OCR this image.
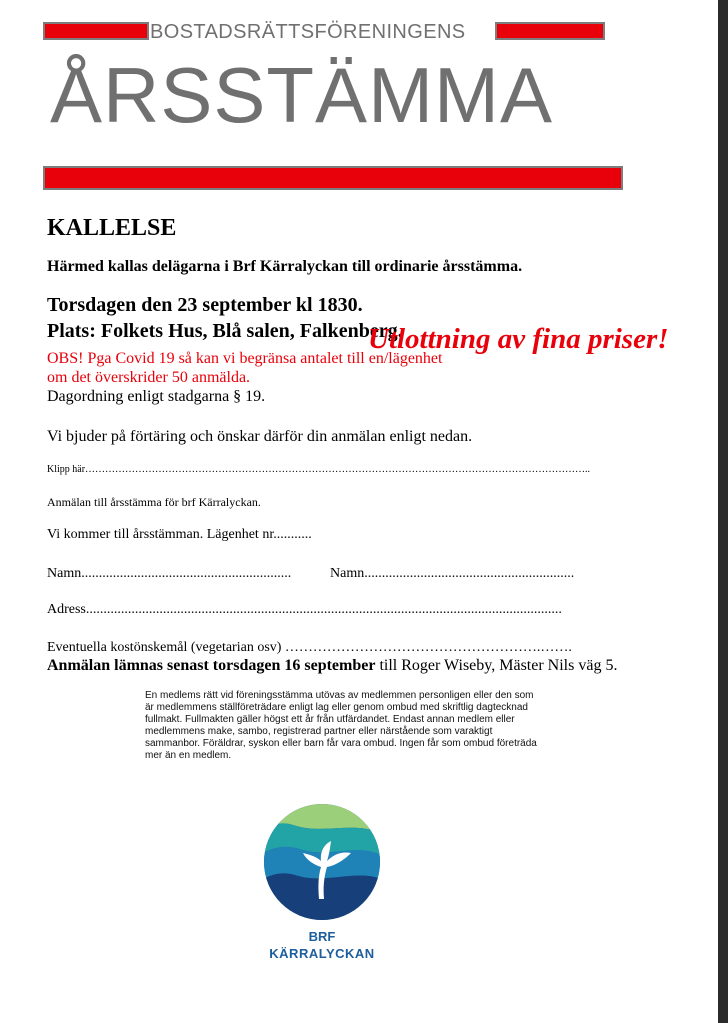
BOSTADSRÄTTSFÖRENINGENS
ÅRSSTÄMMA
KALLELSE
Härmed kallas delägarna i Brf Kärralyckan till ordinarie årsstämma.
Torsdagen den 23 september kl 1830.
Plats: Folkets Hus, Blå salen, Falkenberg.
Utlottning av fina priser!
OBS! Pga Covid 19 så kan vi begränsa antalet till en/lägenhet
om det överskrider 50 anmälda.
Dagordning enligt stadgarna § 19.
Vi bjuder på förtäring och önskar därför din anmälan enligt nedan.
Klipp här……………………………………………………………………………………………………………………………………..
Anmälan till årsstämma för brf Kärralyckan.
Vi kommer till årsstämman. Lägenhet nr...........
Namn............................................................	Namn............................................................
Adress........................................................................................................................................
Eventuella kostönskemål (vegetarian osv) ……………………………………………….…….
Anmälan lämnas senast torsdagen 16 september till Roger Wiseby, Mäster Nils väg 5.
En medlems rätt vid föreningsstämma utövas av medlemmen personligen eller den som
är medlemmens ställföreträdare enligt lag eller genom ombud med skriftlig dagtecknad
fullmakt. Fullmakten gäller högst ett år från utfärdandet. Endast annan medlem eller
medlemmens make, sambo, registrerad partner eller närstående som varaktigt
sammanbor. Föräldrar, syskon eller barn får vara ombud. Ingen får som ombud företräda
mer än en medlem.
BRF
KÄRRALYCKAN
